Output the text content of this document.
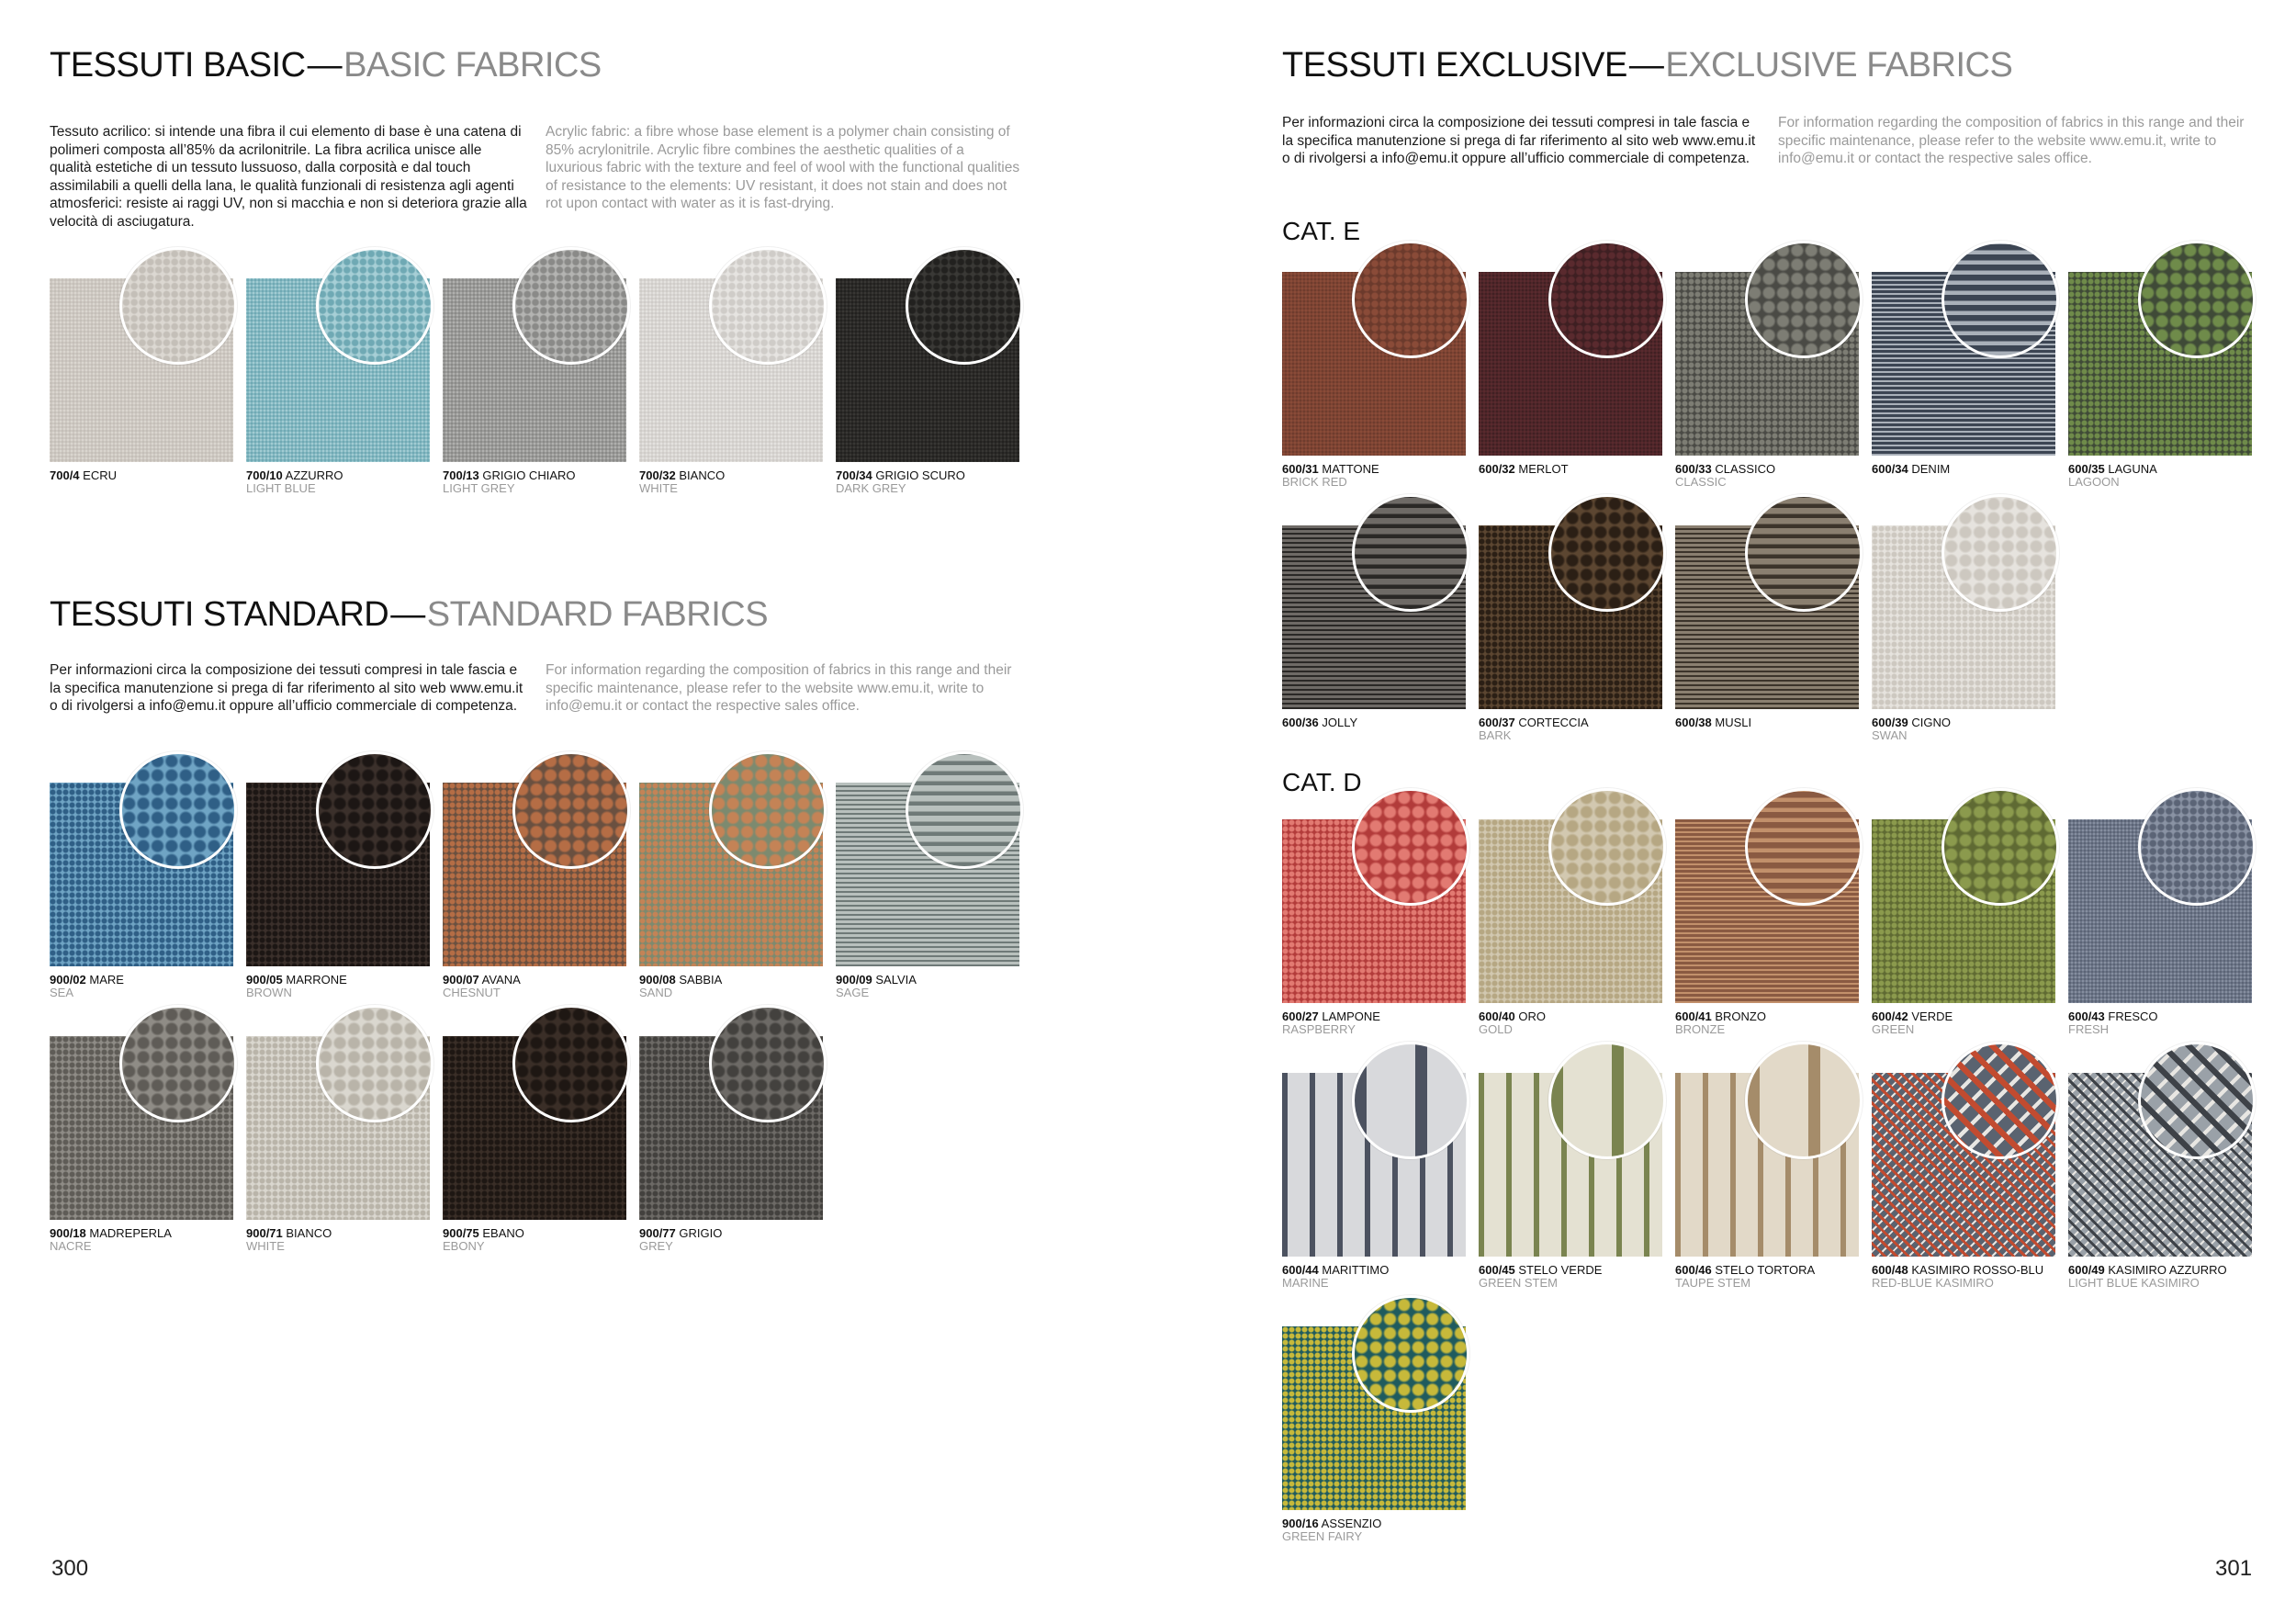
TESSUTI BASIC—BASIC FABRICS
Tessuto acrilico: si intende una fibra il cui elemento di base è una catena di polimeri composta all’85% da acrilonitrile. La fibra acrilica unisce alle qualità estetiche di un tessuto lussuoso, dalla corposità e dal touch assimilabili a quelli della lana, le qualità funzionali di resistenza agli agenti atmosferici: resiste ai raggi UV, non si macchia e non si deteriora grazie alla velocità di asciugatura.
Acrylic fabric: a fibre whose base element is a polymer chain consisting of 85% acrylonitrile. Acrylic fibre combines the aesthetic qualities of a luxurious fabric with the texture and feel of wool with the functional qualities of resistance to the elements: UV resistant, it does not stain and does not rot upon contact with water as it is fast-drying.
TESSUTI STANDARD—STANDARD FABRICS
Per informazioni circa la composizione dei tessuti compresi in tale fascia e la specifica manutenzione si prega di far riferimento al sito web www.emu.it o di rivolgersi a info@emu.it oppure all’ufficio commerciale di competenza.
For information regarding the composition of fabrics in this range and their specific maintenance, please refer to the website www.emu.it, write to info@emu.it or contact the respective sales office.
300
700/4 ECRU	700/10 AZZURRO
LIGHT BLUE
700/13 GRIGIO CHIARO
LIGHT GREY
700/32 BIANCO
WHITE
700/34 GRIGIO SCURO
DARK GREY
900/02 MARE
SEA
900/05 MARRONE
BROWN
900/07 AVANA
CHESNUT
900/08 SABBIA
SAND
900/09 SALVIA
SAGE
900/18 MADREPERLA
NACRE
900/71 BIANCO
WHITE
900/75 EBANO
EBONY
900/77 GRIGIO
GREY
TESSUTI EXCLUSIVE—EXCLUSIVE FABRICS
Per informazioni circa la composizione dei tessuti compresi in tale fascia e la specifica manutenzione si prega di far riferimento al sito web www.emu.it o di rivolgersi a info@emu.it oppure all’ufficio commerciale di competenza.
For information regarding the composition of fabrics in this range and their specific maintenance, please refer to the website www.emu.it, write to info@emu.it or contact the respective sales office.
CAT. E
CAT. D
301
600/31 MATTONE
BRICK RED
600/32 MERLOT	600/33 CLASSICO
CLASSIC
600/34 DENIM	600/35 LAGUNA
LAGOON
600/36 JOLLY	600/37 CORTECCIA
BARK
600/38 MUSLI	600/39 CIGNO
SWAN
600/27 LAMPONE
RASPBERRY
600/40 ORO
GOLD
600/41 BRONZO
BRONZE
600/42 VERDE
GREEN
600/43 FRESCO
FRESH
600/44 MARITTIMO
MARINE
600/45 STELO VERDE
GREEN STEM
600/46 STELO TORTORA
TAUPE STEM
600/48 KASIMIRO ROSSO-BLU
RED-BLUE KASIMIRO
600/49 KASIMIRO AZZURRO
LIGHT BLUE KASIMIRO
900/16 ASSENZIO
GREEN FAIRY
